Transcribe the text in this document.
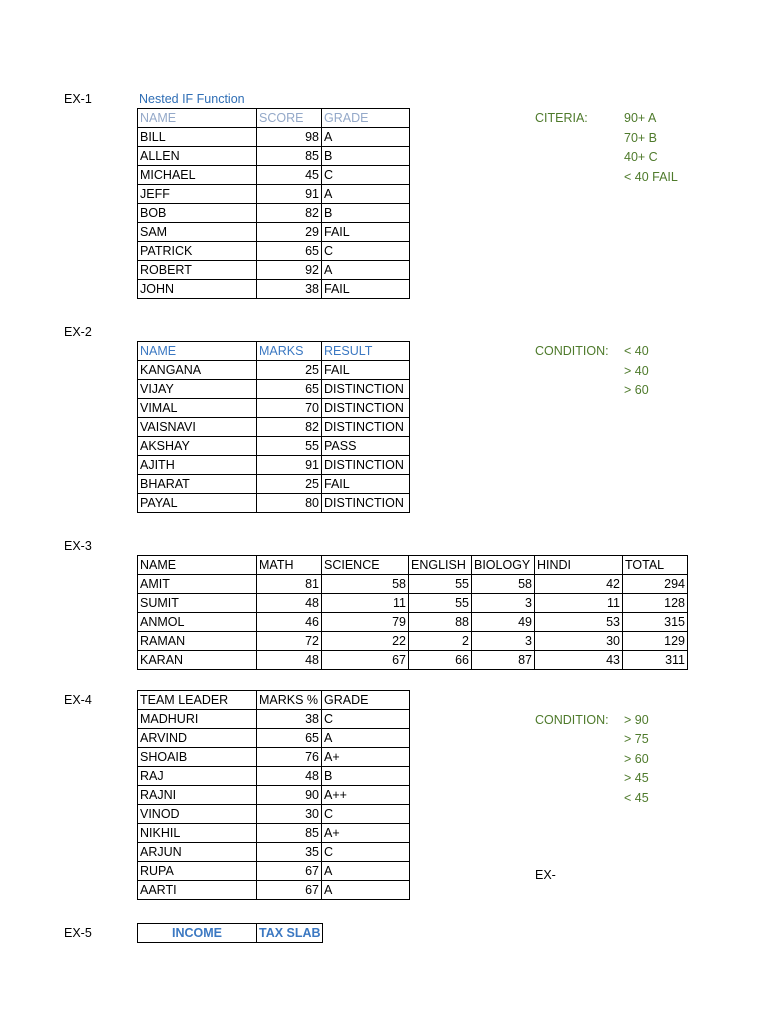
EX-1	Nested IF Function
NAME	SCORE	GRADE
BILL	98	A
ALLEN	85	B
MICHAEL	45	C
JEFF	91	A
BOB	82	B
SAM	29	FAIL
PATRICK	65	C
ROBERT	92	A
JOHN	38	FAIL
CITERIA:	90+ A
70+ B
40+ C
< 40 FAIL
EX-2
NAME	MARKS	RESULT
KANGANA	25	FAIL
VIJAY	65	DISTINCTION
VIMAL	70	DISTINCTION
VAISNAVI	82	DISTINCTION
AKSHAY	55	PASS
AJITH	91	DISTINCTION
BHARAT	25	FAIL
PAYAL	80	DISTINCTION
CONDITION: < 40
> 40
> 60
EX-3
NAME	MATH	SCIENCE	ENGLISH	BIOLOGY	HINDI	TOTAL
AMIT	81	58	55	58	42	294
SUMIT	48	11	55	3	11	128
ANMOL	46	79	88	49	53	315
RAMAN	72	22	2	3	30	129
KARAN	48	67	66	87	43	311
EX-4	TEAM LEADER	MARKS %	GRADE
MADHURI	38	C
ARVIND	65	A
SHOAIB	76	A+
RAJ	48	B
RAJNI	90	A++
VINOD	30	C
NIKHIL	85	A+
ARJUN	35	C
RUPA	67	A
AARTI	67	A
CONDITION: > 90
> 75
> 60
> 45
< 45
EX-
EX-5	INCOME	TAX SLAB
